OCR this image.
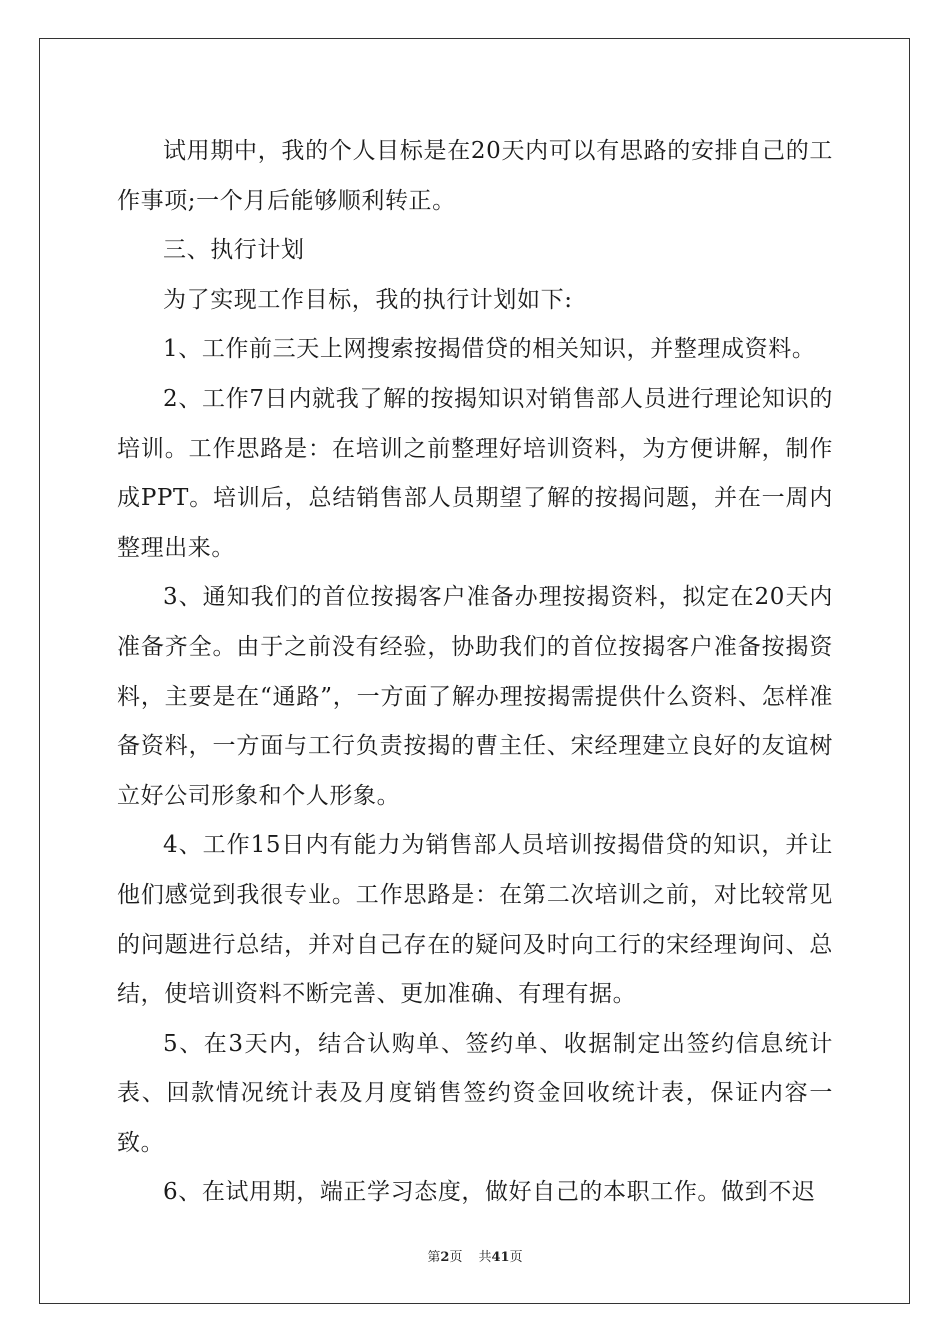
试用期中，我的个人目标是在20天内可以有思路的安排自己的工作事项;一个月后能够顺利转正。

三、执行计划

为了实现工作目标，我的执行计划如下:

1、工作前三天上网搜索按揭借贷的相关知识，并整理成资料。

2、工作7日内就我了解的按揭知识对销售部人员进行理论知识的培训。工作思路是：在培训之前整理好培训资料，为方便讲解，制作成PPT。培训后，总结销售部人员期望了解的按揭问题，并在一周内整理出来。

3、通知我们的首位按揭客户准备办理按揭资料，拟定在20天内准备齐全。由于之前没有经验，协助我们的首位按揭客户准备按揭资料，主要是在“通路”，一方面了解办理按揭需提供什么资料、怎样准备资料，一方面与工行负责按揭的曹主任、宋经理建立良好的友谊树立好公司形象和个人形象。

4、工作15日内有能力为销售部人员培训按揭借贷的知识，并让他们感觉到我很专业。工作思路是：在第二次培训之前，对比较常见的问题进行总结，并对自己存在的疑问及时向工行的宋经理询问、总结，使培训资料不断完善、更加准确、有理有据。

5、在3天内，结合认购单、签约单、收据制定出签约信息统计表、回款情况统计表及月度销售签约资金回收统计表，保证内容一致。

6、在试用期，端正学习态度，做好自己的本职工作。做到不迟

第2页 共41页
